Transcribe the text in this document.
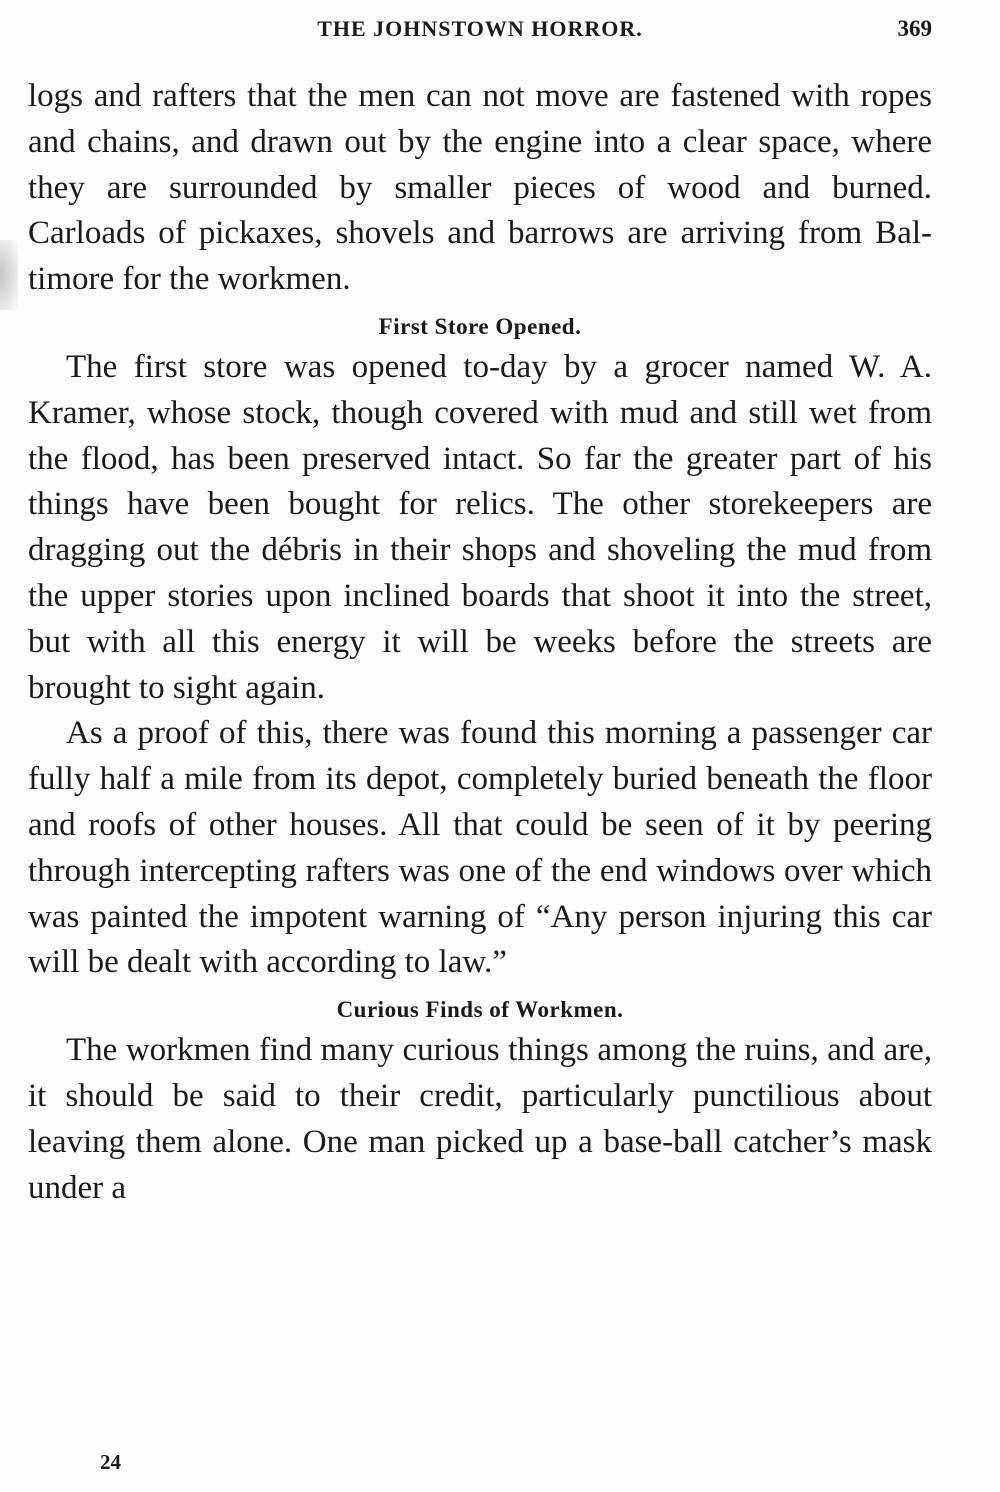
THE JOHNSTOWN HORROR.	369

logs and rafters that the men can not move are fastened with ropes and chains, and drawn out by the engine into a clear space, where they are surrounded by smaller pieces of wood and burned. Carloads of pickaxes, shovels and barrows are arriving from Baltimore for the workmen.

First Store Opened.

The first store was opened to-day by a grocer named W. A. Kramer, whose stock, though covered with mud and still wet from the flood, has been preserved intact. So far the greater part of his things have been bought for relics. The other storekeepers are dragging out the débris in their shops and shoveling the mud from the upper stories upon inclined boards that shoot it into the street, but with all this energy it will be weeks before the streets are brought to sight again.

As a proof of this, there was found this morning a passenger car fully half a mile from its depot, completely buried beneath the floor and roofs of other houses. All that could be seen of it by peering through intercepting rafters was one of the end windows over which was painted the impotent warning of “Any person injuring this car will be dealt with according to law.”

Curious Finds of Workmen.

The workmen find many curious things among the ruins, and are, it should be said to their credit, particularly punctilious about leaving them alone. One man picked up a base-ball catcher’s mask under a

24
